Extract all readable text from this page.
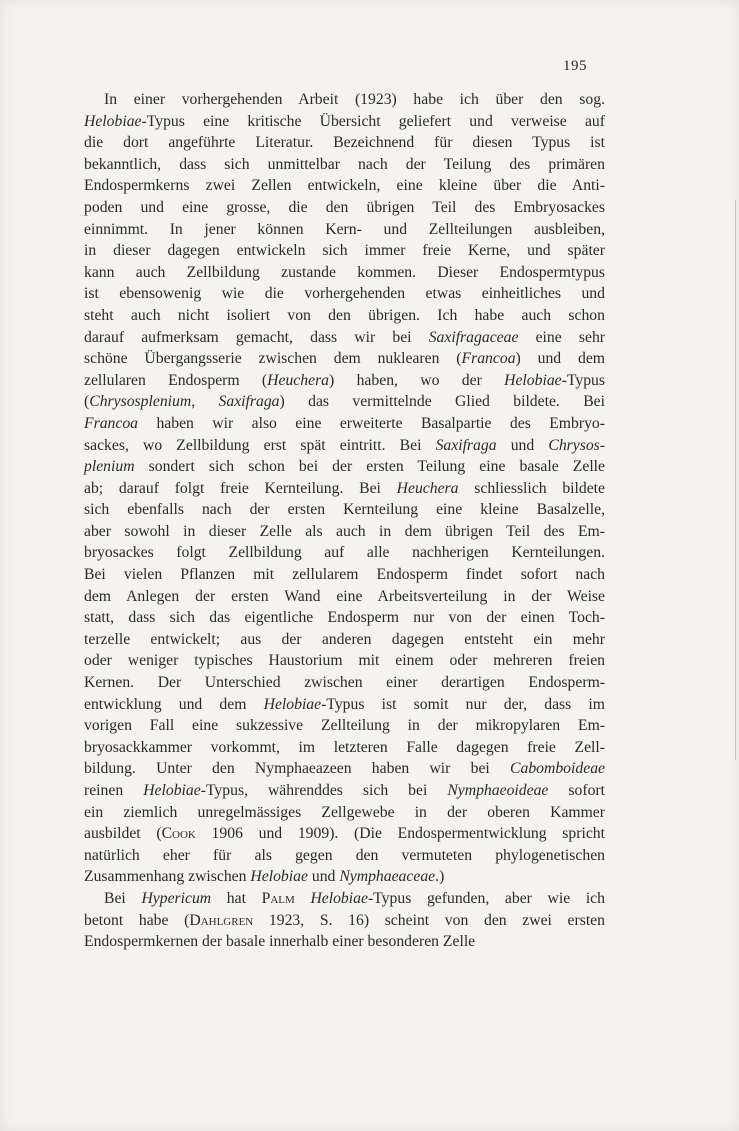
195

In einer vorhergehenden Arbeit (1923) habe ich über den sog. Helobiae-Typus eine kritische Übersicht geliefert und verweise auf die dort angeführte Literatur. Bezeichnend für diesen Typus ist bekanntlich, dass sich unmittelbar nach der Teilung des primären Endospermkerns zwei Zellen entwickeln, eine kleine über die Anti- poden und eine grosse, die den übrigen Teil des Embryosackes einnimmt. In jener können Kern- und Zellteilungen ausbleiben, in dieser dagegen entwickeln sich immer freie Kerne, und später kann auch Zellbildung zustande kommen. Dieser Endospermtypus ist ebensowenig wie die vorhergehenden etwas einheitliches und steht auch nicht isoliert von den übrigen. Ich habe auch schon darauf aufmerksam gemacht, dass wir bei Saxifragaceae eine sehr schöne Übergangsserie zwischen dem nuklearen (Francoa) und dem zellularen Endosperm (Heuchera) haben, wo der Helobiae-Typus (Chrysosplenium, Saxifraga) das vermittelnde Glied bildete. Bei Francoa haben wir also eine erweiterte Basalpartie des Embryo- sackes, wo Zellbildung erst spät eintritt. Bei Saxifraga und Chrysos- plenium sondert sich schon bei der ersten Teilung eine basale Zelle ab; darauf folgt freie Kernteilung. Bei Heuchera schliesslich bildete sich ebenfalls nach der ersten Kernteilung eine kleine Basalzelle, aber sowohl in dieser Zelle als auch in dem übrigen Teil des Em- bryosackes folgt Zellbildung auf alle nachherigen Kernteilungen. Bei vielen Pflanzen mit zellularem Endosperm findet sofort nach dem Anlegen der ersten Wand eine Arbeitsverteilung in der Weise statt, dass sich das eigentliche Endosperm nur von der einen Toch- terzelle entwickelt; aus der anderen dagegen entsteht ein mehr oder weniger typisches Haustorium mit einem oder mehreren freien Kernen. Der Unterschied zwischen einer derartigen Endosperm- entwicklung und dem Helobiae-Typus ist somit nur der, dass im vorigen Fall eine sukzessive Zellteilung in der mikropylaren Em- bryosackkammer vorkommt, im letzteren Falle dagegen freie Zell- bildung. Unter den Nymphaeazeen haben wir bei Cabomboideae reinen Helobiae-Typus, währenddes sich bei Nymphaeoideae sofort ein ziemlich unregelmässiges Zellgewebe in der oberen Kammer ausbildet (Cook 1906 und 1909). (Die Endospermentwicklung spricht natürlich eher für als gegen den vermuteten phylogenetischen Zusammenhang zwischen Helobiae und Nymphaeaceae.)

Bei Hypericum hat Palm Helobiae-Typus gefunden, aber wie ich betont habe (Dahlgren 1923, S. 16) scheint von den zwei ersten Endospermkernen der basale innerhalb einer besonderen Zelle
